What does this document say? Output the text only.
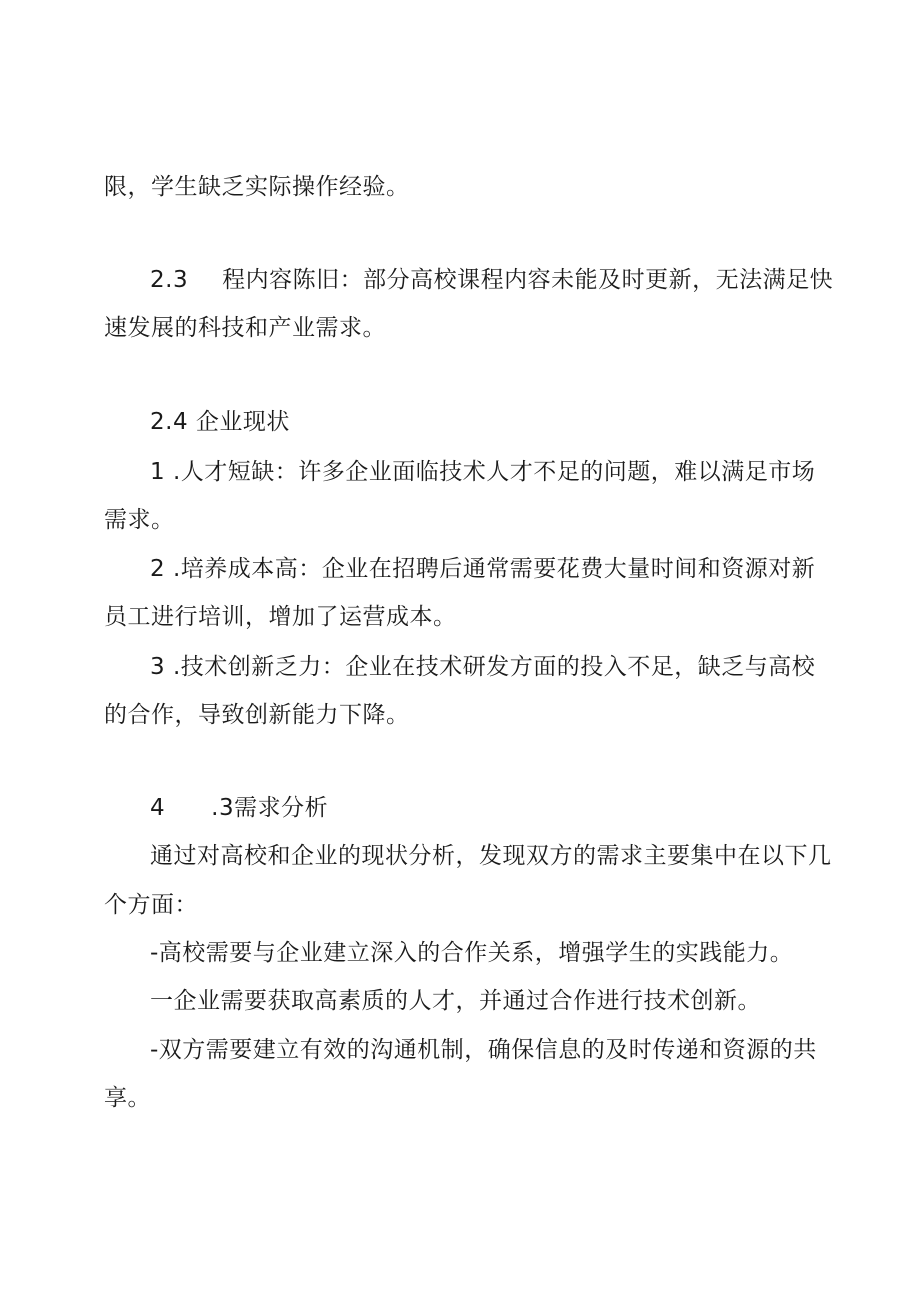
限，学生缺乏实际操作经验。

2.3 程内容陈旧：部分高校课程内容未能及时更新，无法满足快

速发展的科技和产业需求。

2.4 企业现状

1 .人才短缺：许多企业面临技术人才不足的问题，难以满足市场

需求。

2 .培养成本高：企业在招聘后通常需要花费大量时间和资源对新

员工进行培训，增加了运营成本。

3 .技术创新乏力：企业在技术研发方面的投入不足，缺乏与高校

的合作，导致创新能力下降。

4 .3需求分析

通过对高校和企业的现状分析，发现双方的需求主要集中在以下几

个方面：

-高校需要与企业建立深入的合作关系，增强学生的实践能力。

一企业需要获取高素质的人才，并通过合作进行技术创新。

-双方需要建立有效的沟通机制，确保信息的及时传递和资源的共

享。
